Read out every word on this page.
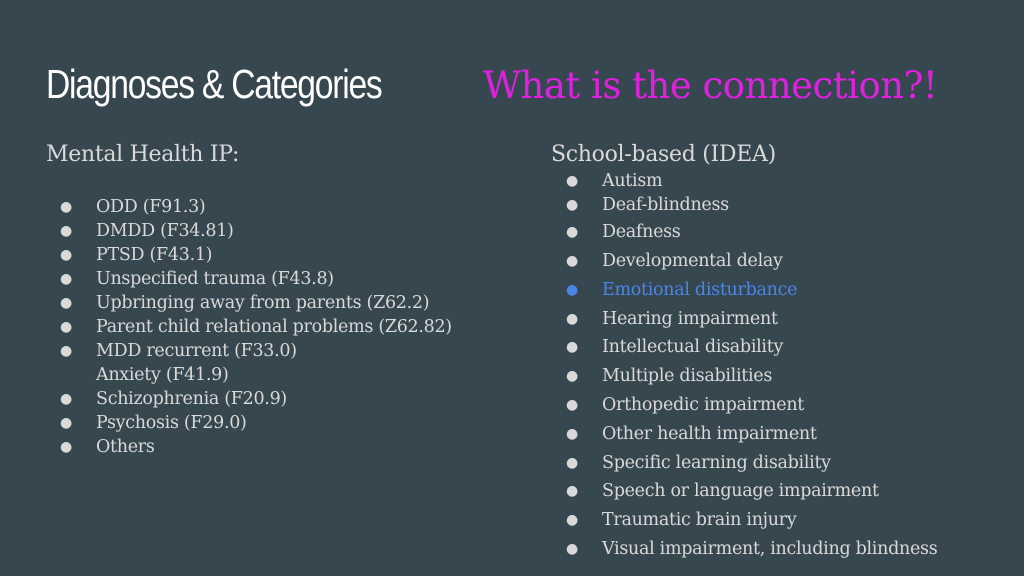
Diagnoses & Categories	What is the connection?!
Mental Health IP:
● ODD (F91.3)
● DMDD (F34.81)
● PTSD (F43.1)
● Unspecified trauma (F43.8)
● Upbringing away from parents (Z62.2)
● Parent child relational problems (Z62.82)
● MDD recurrent (F33.0)
Anxiety (F41.9)
● Schizophrenia (F20.9)
● Psychosis (F29.0)
● Others
School-based (IDEA)
● Autism
● Deaf-blindness
● Deafness
● Developmental delay
● Emotional disturbance
● Hearing impairment
● Intellectual disability
● Multiple disabilities
● Orthopedic impairment
● Other health impairment
● Specific learning disability
● Speech or language impairment
● Traumatic brain injury
● Visual impairment, including blindness
